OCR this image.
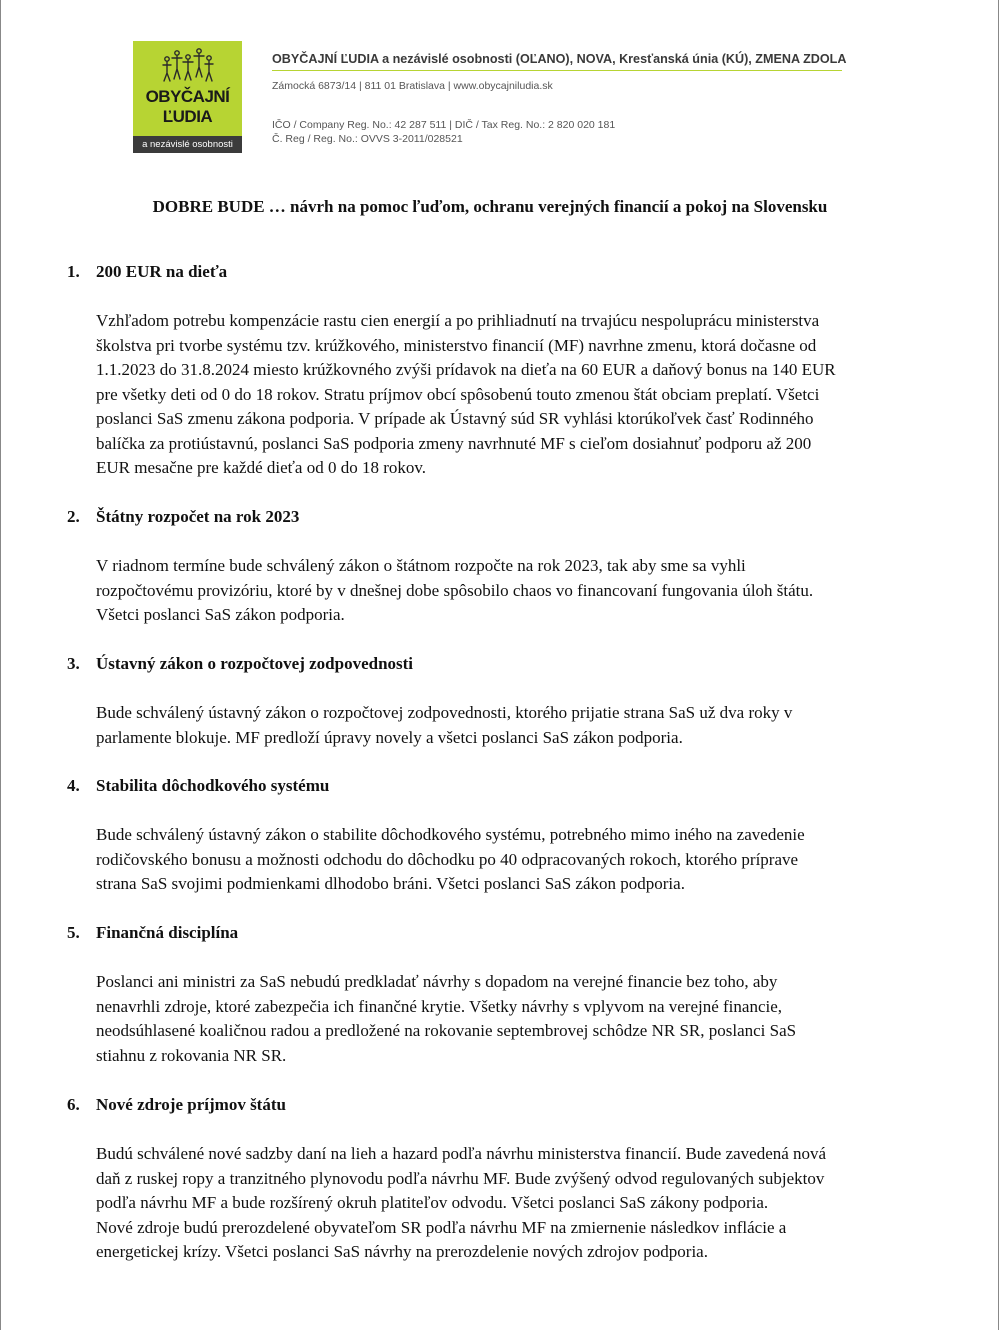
OBYČAJNÍ
ĽUDIA
a nezávislé osobnosti
OBYČAJNÍ ĽUDIA a nezávislé osobnosti (OĽANO), NOVA, Kresťanská únia (KÚ), ZMENA ZDOLA
Zámocká 6873/14 | 811 01 Bratislava | www.obycajniludia.sk
IČO / Company Reg. No.: 42 287 511 | DIČ / Tax Reg. No.: 2 820 020 181
Č. Reg / Reg. No.: OVVS 3-2011/028521
DOBRE BUDE … návrh na pomoc ľuďom, ochranu verejných financií a pokoj na Slovensku
1. 200 EUR na dieťa
Vzhľadom potrebu kompenzácie rastu cien energií a po prihliadnutí na trvajúcu nespoluprácu ministerstva
školstva pri tvorbe systému tzv. krúžkového, ministerstvo financií (MF) navrhne zmenu, ktorá dočasne od
1.1.2023 do 31.8.2024 miesto krúžkovného zvýši prídavok na dieťa na 60 EUR a daňový bonus na 140 EUR
pre všetky deti od 0 do 18 rokov. Stratu príjmov obcí spôsobenú touto zmenou štát obciam preplatí. Všetci
poslanci SaS zmenu zákona podporia. V prípade ak Ústavný súd SR vyhlási ktorúkoľvek časť Rodinného
balíčka za protiústavnú, poslanci SaS podporia zmeny navrhnuté MF s cieľom dosiahnuť podporu až 200
EUR mesačne pre každé dieťa od 0 do 18 rokov.
2. Štátny rozpočet na rok 2023
V riadnom termíne bude schválený zákon o štátnom rozpočte na rok 2023, tak aby sme sa vyhli
rozpočtovému provizóriu, ktoré by v dnešnej dobe spôsobilo chaos vo financovaní fungovania úloh štátu.
Všetci poslanci SaS zákon podporia.
3. Ústavný zákon o rozpočtovej zodpovednosti
Bude schválený ústavný zákon o rozpočtovej zodpovednosti, ktorého prijatie strana SaS už dva roky v
parlamente blokuje. MF predloží úpravy novely a všetci poslanci SaS zákon podporia.
4. Stabilita dôchodkového systému
Bude schválený ústavný zákon o stabilite dôchodkového systému, potrebného mimo iného na zavedenie
rodičovského bonusu a možnosti odchodu do dôchodku po 40 odpracovaných rokoch, ktorého príprave
strana SaS svojimi podmienkami dlhodobo bráni. Všetci poslanci SaS zákon podporia.
5. Finančná disciplína
Poslanci ani ministri za SaS nebudú predkladať návrhy s dopadom na verejné financie bez toho, aby
nenavrhli zdroje, ktoré zabezpečia ich finančné krytie. Všetky návrhy s vplyvom na verejné financie,
neodsúhlasené koaličnou radou a predložené na rokovanie septembrovej schôdze NR SR, poslanci SaS
stiahnu z rokovania NR SR.
6. Nové zdroje príjmov štátu
Budú schválené nové sadzby daní na lieh a hazard podľa návrhu ministerstva financií. Bude zavedená nová
daň z ruskej ropy a tranzitného plynovodu podľa návrhu MF. Bude zvýšený odvod regulovaných subjektov
podľa návrhu MF a bude rozšírený okruh platiteľov odvodu. Všetci poslanci SaS zákony podporia.
Nové zdroje budú prerozdelené obyvateľom SR podľa návrhu MF na zmiernenie následkov inflácie a
energetickej krízy. Všetci poslanci SaS návrhy na prerozdelenie nových zdrojov podporia.
